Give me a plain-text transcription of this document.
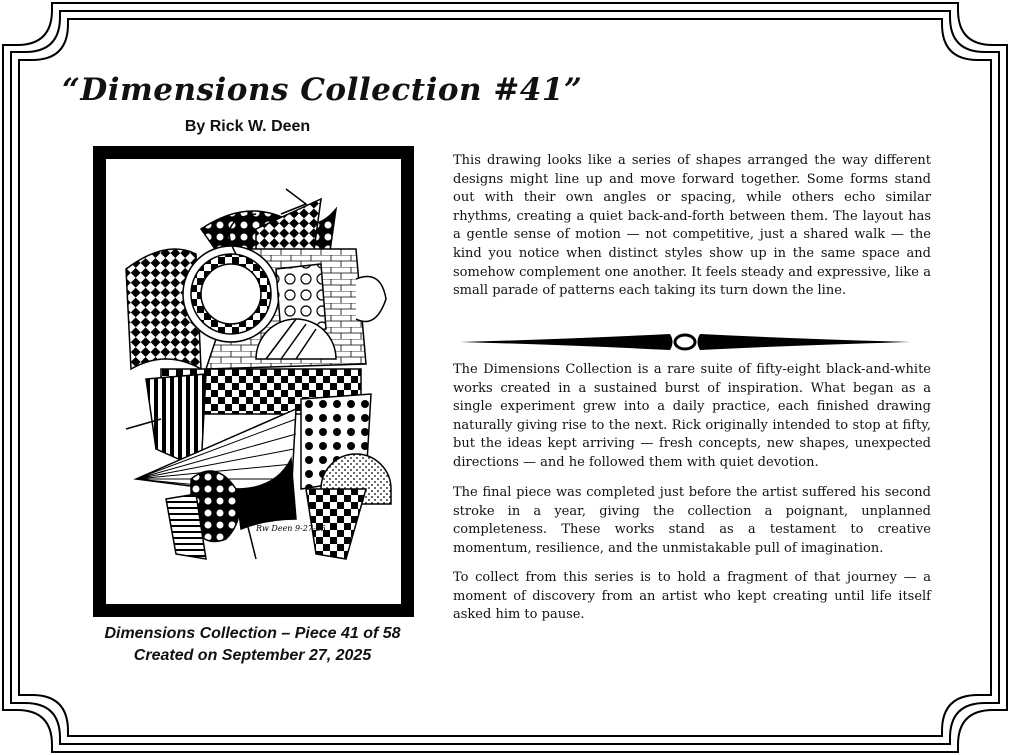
“Dimensions Collection #41”
By Rick W. Deen
Rw Deen 9-27-25
Dimensions Collection – Piece 41 of 58
Created on September 27, 2025
This drawing looks like a series of shapes arranged the way different designs might line up and move forward together. Some forms stand out with their own angles or spacing, while others echo similar rhythms, creating a quiet back-and-forth between them. The layout has a gentle sense of motion — not competitive, just a shared walk — the kind you notice when distinct styles show up in the same space and somehow complement one another. It feels steady and expressive, like a small parade of patterns each taking its turn down the line.
The Dimensions Collection is a rare suite of fifty-eight black-and-white works created in a sustained burst of inspiration. What began as a single experiment grew into a daily practice, each finished drawing naturally giving rise to the next. Rick originally intended to stop at fifty, but the ideas kept arriving — fresh concepts, new shapes, unexpected directions — and he followed them with quiet devotion.
The final piece was completed just before the artist suffered his second stroke in a year, giving the collection a poignant, unplanned completeness. These works stand as a testament to creative momentum, resilience, and the unmistakable pull of imagination.
To collect from this series is to hold a fragment of that journey — a moment of discovery from an artist who kept creating until life itself asked him to pause.
